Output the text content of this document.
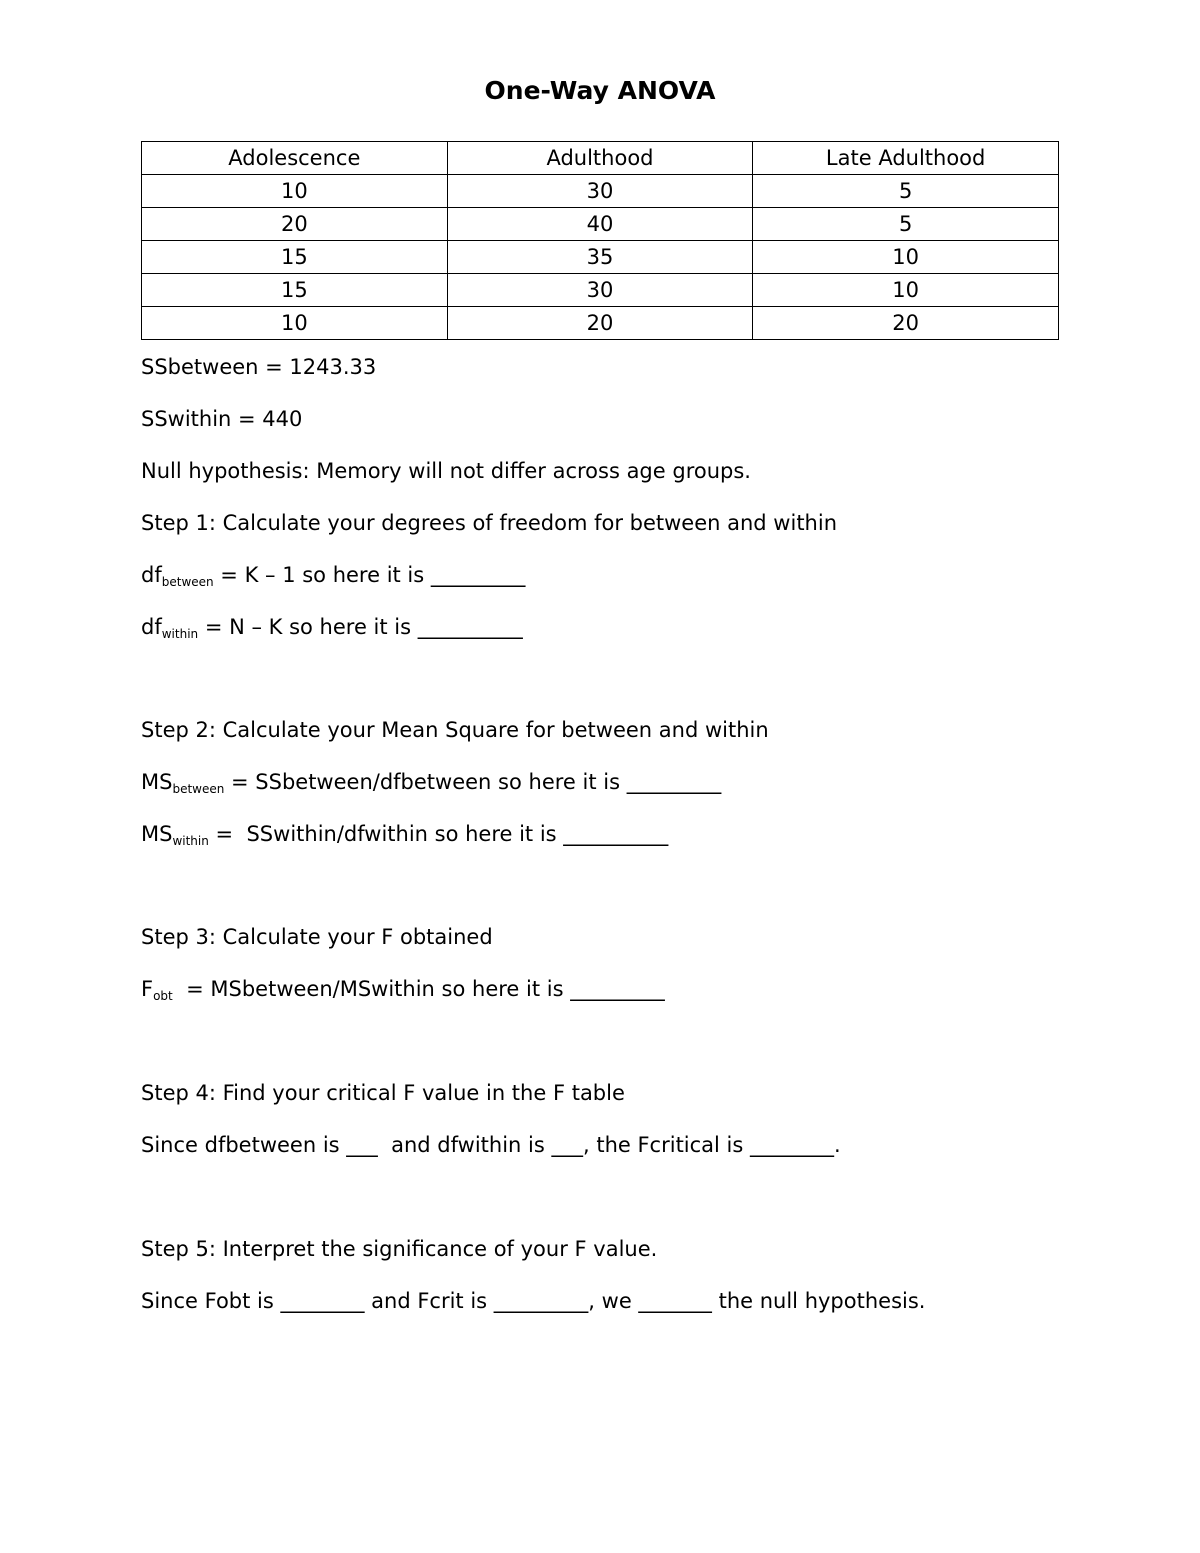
One-Way ANOVA
Adolescence	Adulthood	Late Adulthood
10	30	5
20	40	5
15	35	10
15	30	10
10	20	20
SSbetween = 1243.33
SSwithin = 440
Null hypothesis: Memory will not differ across age groups.
Step 1: Calculate your degrees of freedom for between and within
$df_{between} = K - 1$ so here it is _________
$df_{within} = N - K$ so here it is __________
Step 2: Calculate your Mean Square for between and within
$MS_{between}$ = SSbetween/dfbetween so here it is _________
$MS_{within}$ =  SSwithin/dfwithin so here it is __________
Step 3: Calculate your F obtained
$F_{obt}$  = MSbetween/MSwithin so here it is _________
Step 4: Find your critical F value in the F table
Since dfbetween is ___  and dfwithin is ___, the Fcritical is ________.
Step 5: Interpret the significance of your F value.
Since Fobt is ________ and Fcrit is _________, we _______ the null hypothesis.
